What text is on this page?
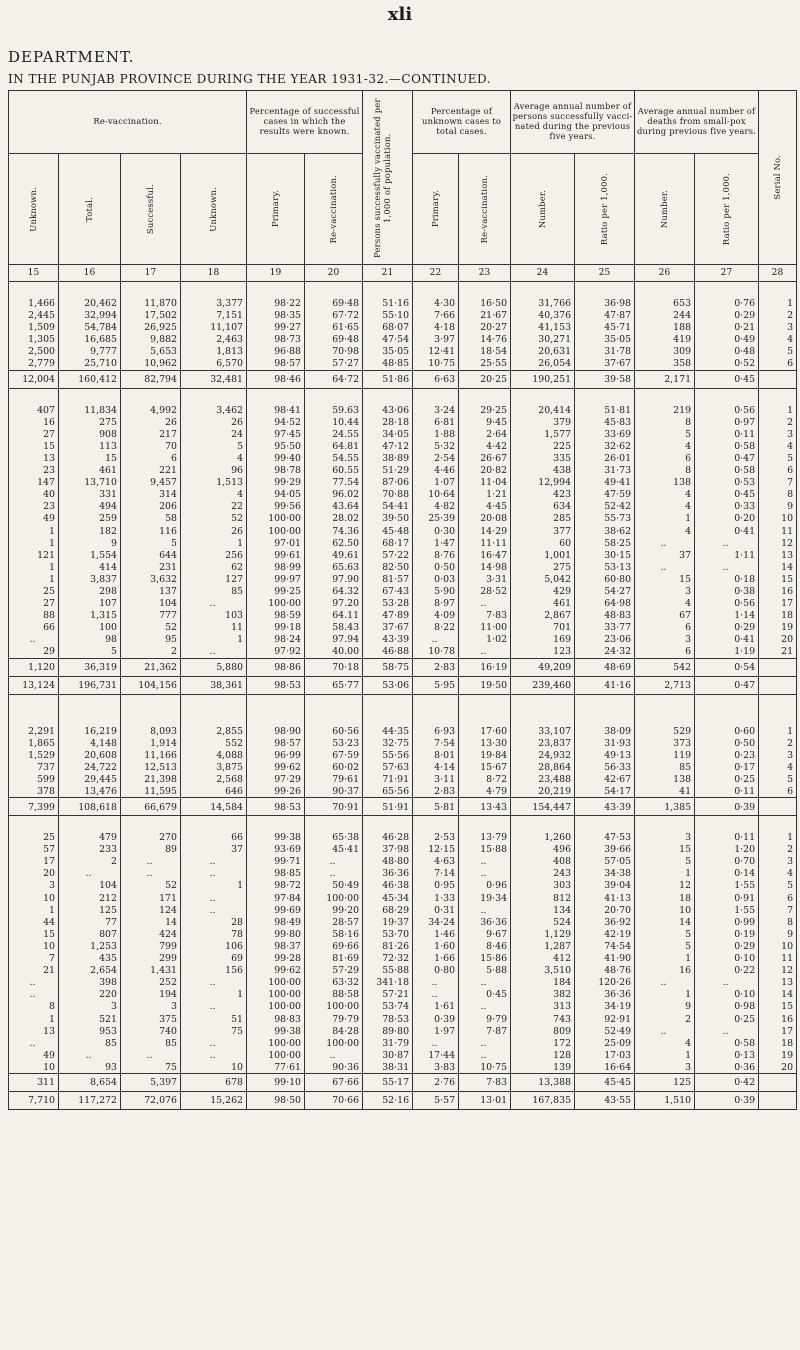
xli
DEPARTMENT.
IN THE PUNJAB PROVINCE DURING THE YEAR 1931-32.—CONTINUED.
Re-vaccination.				Percentage of successful cases in which the results were known.		Persons successfully vaccinated per 1,000 of population.	Percentage of unknown cases to total cases.		Average annual number of persons successfully vacci-nated during the previous five years.		Average annual number of deaths from small-pox during previous five years.		Serial No.

Unknown.	Total.	Successful.	Unknown.	Primary.	Re-vaccination.		Primary.	Re-vaccination.	Number.	Ratio per 1,000.	Number.	Ratio per 1,000.	

15	16	17	18	19	20	21	22	23	24	25	26	27	28

1,466	20,462	11,870	3,377	98·22	69·48	51·16	4·30	16·50	31,766	36·98	653	0·76	1
2,445	32,994	17,502	7,151	98·35	67·72	55·10	7·66	21·67	40,376	47·87	244	0·29	2
1,509	54,784	26,925	11,107	99·27	61·65	68·07	4·18	20·27	41,153	45·71	188	0·21	3
1,305	16,685	9,882	2,463	98·73	69·48	47·54	3·97	14·76	30,271	35·05	419	0·49	4
2,500	9,777	5,653	1,813	96·88	70·98	35·05	12·41	18·54	20,631	31·78	309	0·48	5
2,779	25,710	10,962	6,570	98·57	57·27	48·85	10·75	25·55	26,054	37·67	358	0·52	6
12,004	160,412	82,794	32,481	98·46	64·72	51·86	6·63	20·25	190,251	39·58	2,171	0·45	

407	11,834	4,992	3,462	98·41	59.63	43·06	3·24	29·25	20,414	51·81	219	0·56	1
16	275	26	26	94·52	10.44	28·18	6·81	9·45	379	45·83	8	0·97	2
27	908	217	24	97·45	24.55	34·05	1·88	2·64	1,577	33·69	5	0·11	3
15	113	70	5	95·50	64.81	47·12	5·32	4·42	225	32·62	4	0·58	4
13	15	6	4	99·40	54.55	38·89	2·54	26·67	335	26·01	6	0·47	5
23	461	221	96	98·78	60.55	51·29	4·46	20·82	438	31·73	8	0·58	6
147	13,710	9,457	1,513	99·29	77.54	87·06	1·07	11·04	12,994	49·41	138	0·53	7
40	331	314	4	94·05	96.02	70·88	10·64	1·21	423	47·59	4	0·45	8
23	494	206	22	99·56	43.64	54·41	4·82	4·45	634	52·42	4	0·33	9
49	259	58	52	100·00	28.02	39·50	25·39	20·08	285	55·73	1	0·20	10
1	182	116	26	100·00	74.36	45·48	0·30	14·29	377	38·62	4	0·41	11
1	9	5	1	97·01	62.50	68·17	1·47	11·11	60	58·25	..	..	12
121	1,554	644	256	99·61	49.61	57·22	8·76	16·47	1,001	30·15	37	1·11	13
1	414	231	62	98·99	65.63	82·50	0·50	14·98	275	53·13	..	..	14
1	3,837	3,632	127	99·97	97.90	81·57	0·03	3·31	5,042	60·80	15	0·18	15
25	298	137	85	99·25	64.32	67·43	5·90	28·52	429	54·27	3	0·38	16
27	107	104	..	100·00	97.20	53·28	8·97	..	461	64·98	4	0·56	17
88	1,315	777	103	98·59	64.11	47·89	4·09	7·83	2,867	48·83	67	1·14	18
66	100	52	11	99·18	58.43	37·67	8·22	11·00	701	33·77	6	0·29	19
..	98	95	1	98·24	97.94	43·39	..	1·02	169	23·06	3	0·41	20
29	5	2	..	97·92	40.00	46·88	10·78	..	123	24·32	6	1·19	21
1,120	36,319	21,362	5,880	98·86	70·18	58·75	2·83	16·19	49,209	48·69	542	0·54	
13,124	196,731	104,156	38,361	98·53	65·77	53·06	5·95	19·50	239,460	41·16	2,713	0·47	

2,291	16,219	8,093	2,855	98·90	60·56	44·35	6·93	17·60	33,107	38·09	529	0·60	1
1,865	4,148	1,914	552	98·57	53·23	32·75	7·54	13·30	23,837	31·93	373	0·50	2
1,529	20,608	11,166	4,088	96·99	67·59	55·56	8·01	19·84	24,932	49·13	119	0·23	3
737	24,722	12,513	3,875	99·62	60·02	57·63	4·14	15·67	28,864	56·33	85	0·17	4
599	29,445	21,398	2,568	97·29	79·61	71·91	3·11	8·72	23,488	42·67	138	0·25	5
378	13,476	11,595	646	99·26	90·37	65·56	2·83	4·79	20,219	54·17	41	0·11	6
7,399	108,618	66,679	14,584	98·53	70·91	51·91	5·81	13·43	154,447	43·39	1,385	0·39	

25	479	270	66	99·38	65·38	46·28	2·53	13·79	1,260	47·53	3	0·11	1
57	233	89	37	93·69	45·41	37·98	12·15	15·88	496	39·66	15	1·20	2
17	2	..	..	99·71	..	48·80	4·63	..	408	57·05	5	0·70	3
20	..	..	..	98·85	..	36·36	7·14	..	243	34·38	1	0·14	4
3	104	52	1	98·72	50·49	46·38	0·95	0·96	303	39·04	12	1·55	5
10	212	171	..	97·84	100·00	45·34	1·33	19·34	812	41·13	18	0·91	6
1	125	124	..	99·69	99·20	68·29	0·31	..	134	20·70	10	1·55	7
44	77	14	28	98·49	28·57	19·37	34·24	36·36	524	36·92	14	0·99	8
15	807	424	78	99·80	58·16	53·70	1·46	9·67	1,129	42·19	5	0·19	9
10	1,253	799	106	98·37	69·66	81·26	1·60	8·46	1,287	74·54	5	0·29	10
7	435	299	69	99·28	81·69	72·32	1·66	15·86	412	41·90	1	0·10	11
21	2,654	1,431	156	99·62	57·29	55·88	0·80	5·88	3,510	48·76	16	0·22	12
..	398	252	..	100·00	63·32	341·18	..	..	184	120·26	..	..	13
..	220	194	1	100·00	88·58	57·21	..	0·45	382	36·36	1	0·10	14
8	3	3	..	100·00	100·00	53·74	1·61	..	313	34·19	9	0·98	15
1	521	375	51	98·83	79·79	78·53	0·39	9·79	743	92·91	2	0·25	16
13	953	740	75	99·38	84·28	89·80	1·97	7·87	809	52·49	..	..	17
..	85	85	..	100·00	100·00	31·79	..	..	172	25·09	4	0·58	18
49	..	..	..	100·00	..	30·87	17·44	..	128	17·03	1	0·13	19
10	93	75	10	77·61	90·36	38·31	3·83	10·75	139	16·64	3	0·36	20
311	8,654	5,397	678	99·10	67·66	55·17	2·76	7·83	13,388	45·45	125	0·42	
7,710	117,272	72,076	15,262	98·50	70·66	52·16	5·57	13·01	167,835	43·55	1,510	0·39	
